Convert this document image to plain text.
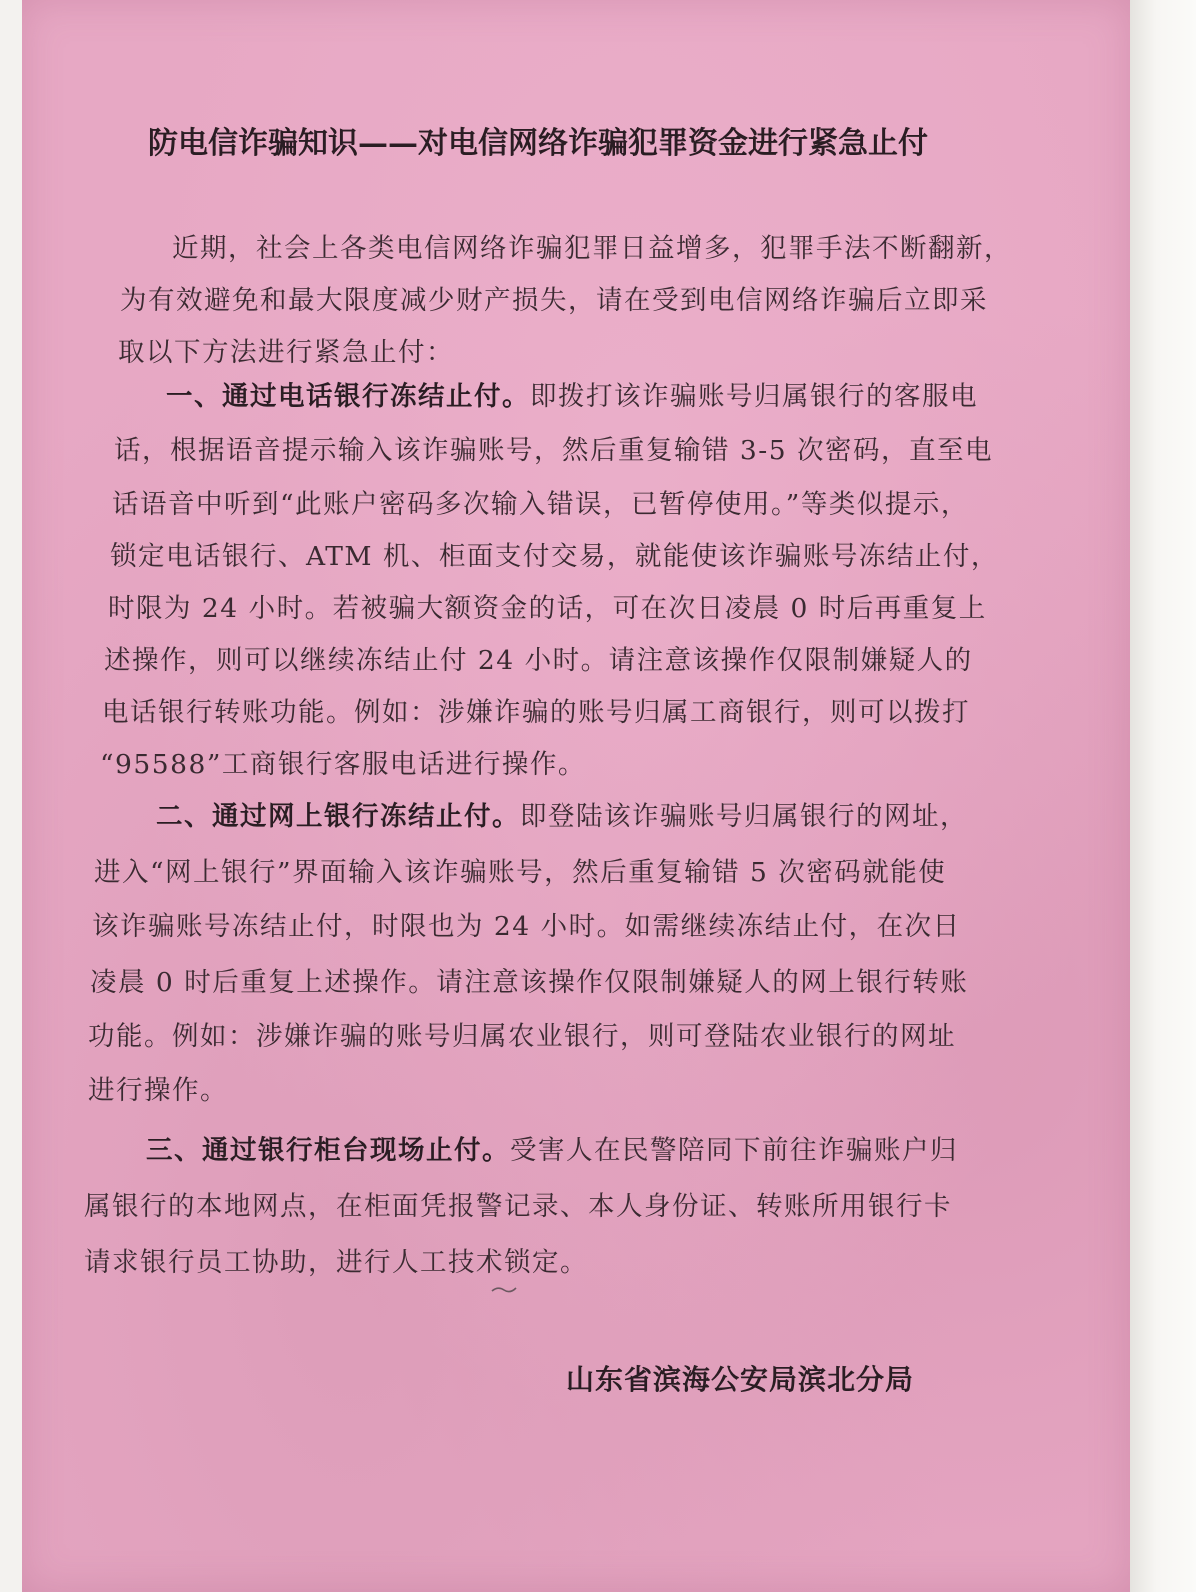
防电信诈骗知识——对电信网络诈骗犯罪资金进行紧急止付
近期，社会上各类电信网络诈骗犯罪日益增多，犯罪手法不断翻新，
为有效避免和最大限度减少财产损失，请在受到电信网络诈骗后立即采
取以下方法进行紧急止付：
一、通过电话银行冻结止付。即拨打该诈骗账号归属银行的客服电
话，根据语音提示输入该诈骗账号，然后重复输错 3-5 次密码，直至电
话语音中听到“此账户密码多次输入错误，已暂停使用。”等类似提示，
锁定电话银行、ATM 机、柜面支付交易，就能使该诈骗账号冻结止付，
时限为 24 小时。若被骗大额资金的话，可在次日凌晨 0 时后再重复上
述操作，则可以继续冻结止付 24 小时。请注意该操作仅限制嫌疑人的
电话银行转账功能。例如：涉嫌诈骗的账号归属工商银行，则可以拨打
“95588”工商银行客服电话进行操作。
二、通过网上银行冻结止付。即登陆该诈骗账号归属银行的网址，
进入“网上银行”界面输入该诈骗账号，然后重复输错 5 次密码就能使
该诈骗账号冻结止付，时限也为 24 小时。如需继续冻结止付，在次日
凌晨 0 时后重复上述操作。请注意该操作仅限制嫌疑人的网上银行转账
功能。例如：涉嫌诈骗的账号归属农业银行，则可登陆农业银行的网址
进行操作。
三、通过银行柜台现场止付。受害人在民警陪同下前往诈骗账户归
属银行的本地网点，在柜面凭报警记录、本人身份证、转账所用银行卡
请求银行员工协助，进行人工技术锁定。
山东省滨海公安局滨北分局
